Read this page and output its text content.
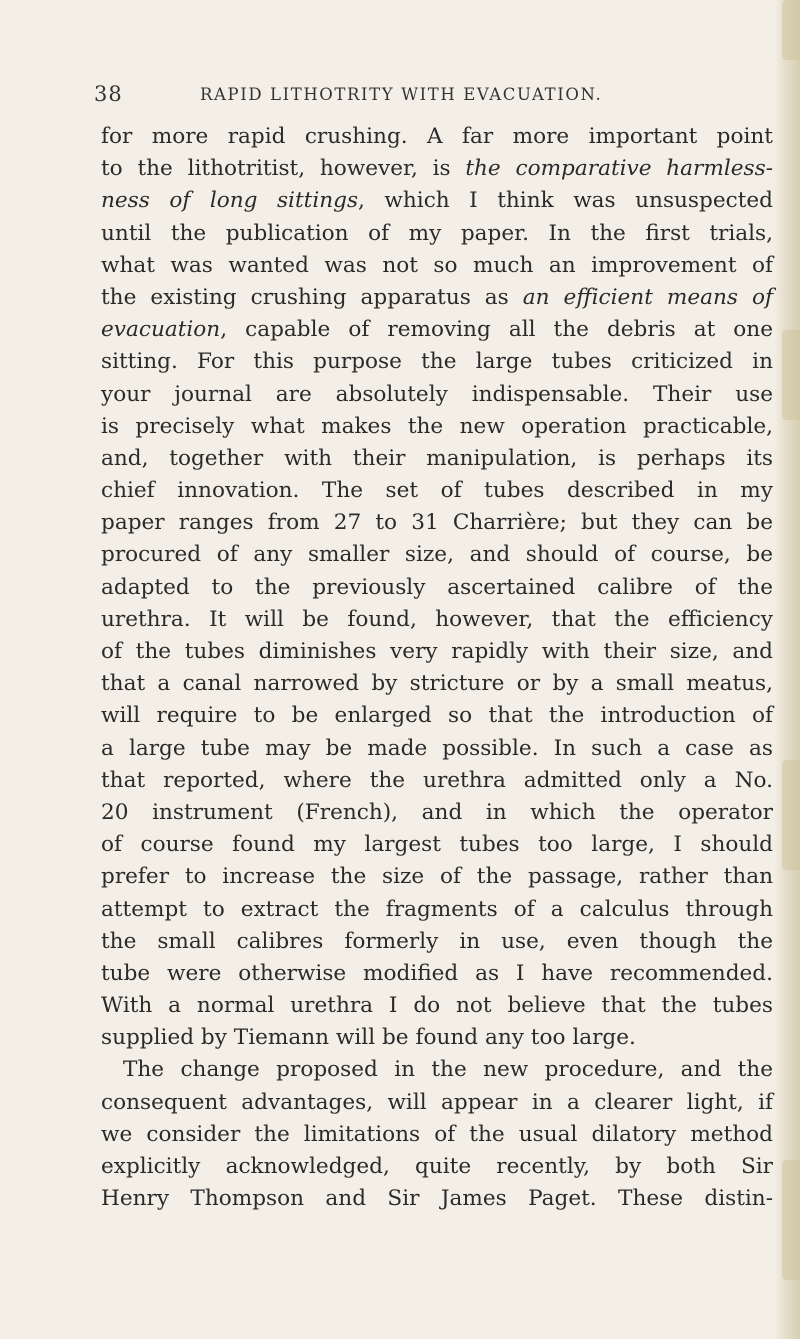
38	RAPID LITHOTRITY WITH EVACUATION.
for more rapid crushing. A far more important point
to the lithotritist, however, is the comparative harmless-
ness of long sittings, which I think was unsuspected
until the publication of my paper. In the first trials,
what was wanted was not so much an improvement of
the existing crushing apparatus as an efficient means of
evacuation, capable of removing all the debris at one
sitting. For this purpose the large tubes criticized in
your journal are absolutely indispensable. Their use
is precisely what makes the new operation practicable,
and, together with their manipulation, is perhaps its
chief innovation. The set of tubes described in my
paper ranges from 27 to 31 Charrière; but they can be
procured of any smaller size, and should of course, be
adapted to the previously ascertained calibre of the
urethra. It will be found, however, that the efficiency
of the tubes diminishes very rapidly with their size, and
that a canal narrowed by stricture or by a small meatus,
will require to be enlarged so that the introduction of
a large tube may be made possible. In such a case as
that reported, where the urethra admitted only a No.
20 instrument (French), and in which the operator
of course found my largest tubes too large, I should
prefer to increase the size of the passage, rather than
attempt to extract the fragments of a calculus through
the small calibres formerly in use, even though the
tube were otherwise modified as I have recommended.
With a normal urethra I do not believe that the tubes
supplied by Tiemann will be found any too large.
The change proposed in the new procedure, and the
consequent advantages, will appear in a clearer light, if
we consider the limitations of the usual dilatory method
explicitly acknowledged, quite recently, by both Sir
Henry Thompson and Sir James Paget. These distin-
